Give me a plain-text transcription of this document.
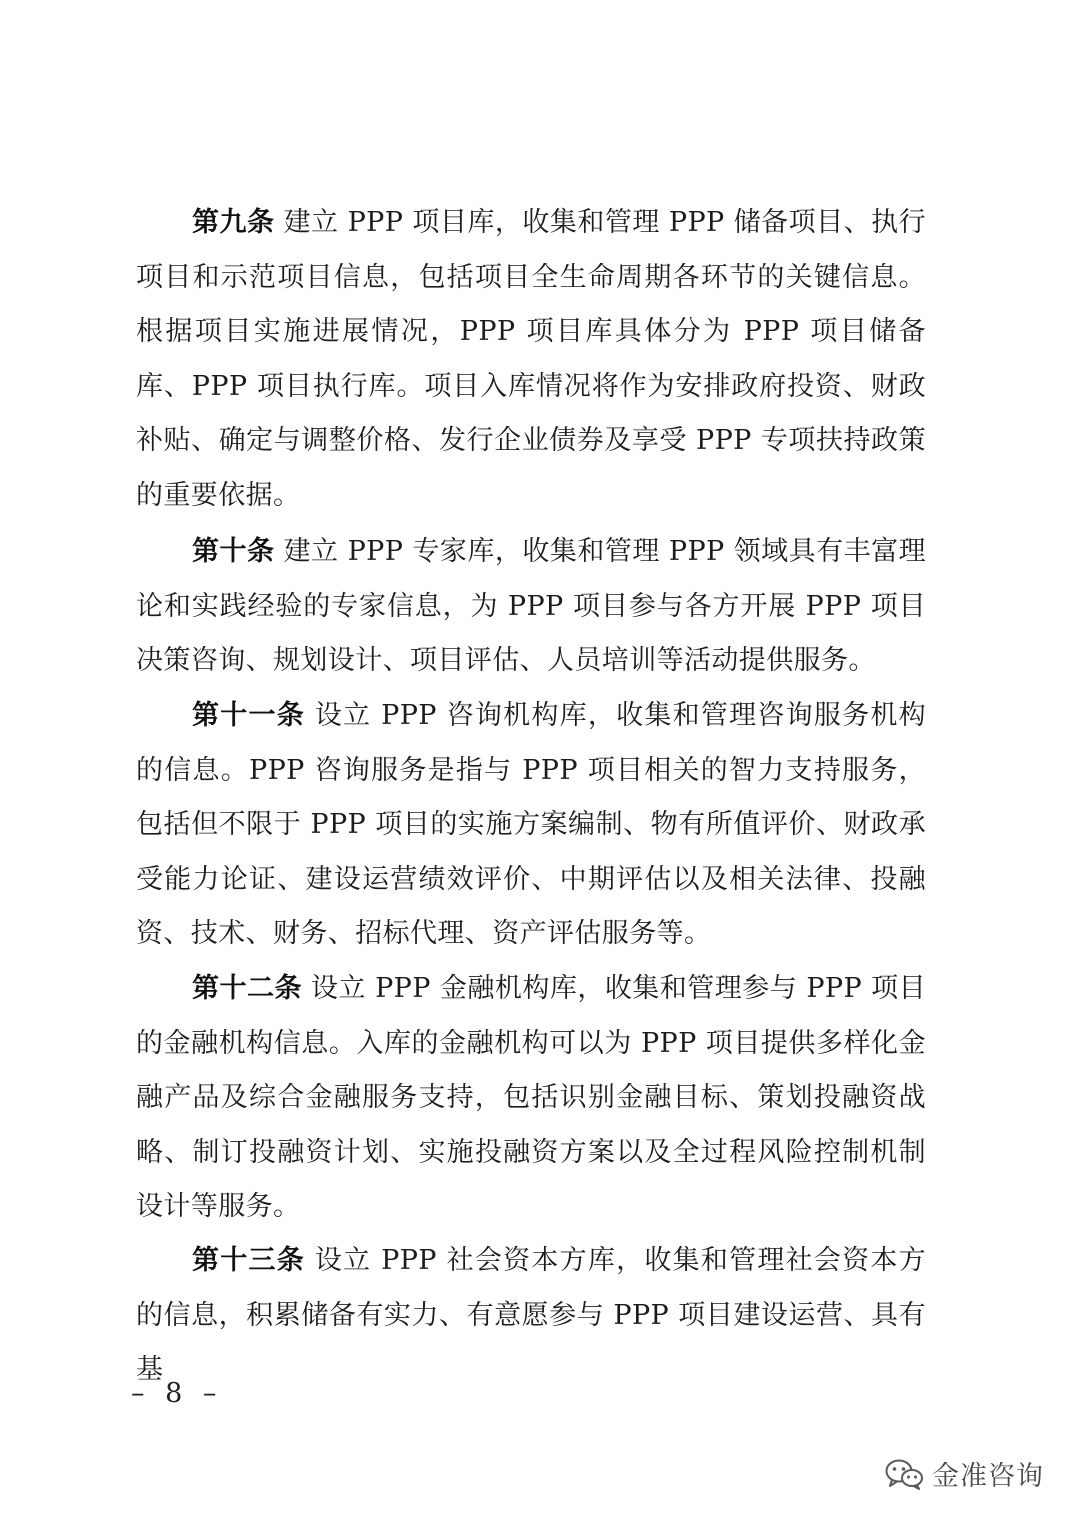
第九条 建立 PPP 项目库，收集和管理 PPP 储备项目、执行项目和示范项目信息，包括项目全生命周期各环节的关键信息。根据项目实施进展情况，PPP 项目库具体分为 PPP 项目储备库、PPP 项目执行库。项目入库情况将作为安排政府投资、财政补贴、确定与调整价格、发行企业债券及享受 PPP 专项扶持政策的重要依据。

第十条 建立 PPP 专家库，收集和管理 PPP 领域具有丰富理论和实践经验的专家信息，为 PPP 项目参与各方开展 PPP 项目决策咨询、规划设计、项目评估、人员培训等活动提供服务。

第十一条 设立 PPP 咨询机构库，收集和管理咨询服务机构的信息。PPP 咨询服务是指与 PPP 项目相关的智力支持服务，包括但不限于 PPP 项目的实施方案编制、物有所值评价、财政承受能力论证、建设运营绩效评价、中期评估以及相关法律、投融资、技术、财务、招标代理、资产评估服务等。

第十二条 设立 PPP 金融机构库，收集和管理参与 PPP 项目的金融机构信息。入库的金融机构可以为 PPP 项目提供多样化金融产品及综合金融服务支持，包括识别金融目标、策划投融资战略、制订投融资计划、实施投融资方案以及全过程风险控制机制设计等服务。

第十三条 设立 PPP 社会资本方库，收集和管理社会资本方的信息，积累储备有实力、有意愿参与 PPP 项目建设运营、具有基

– 8 –
金准咨询
